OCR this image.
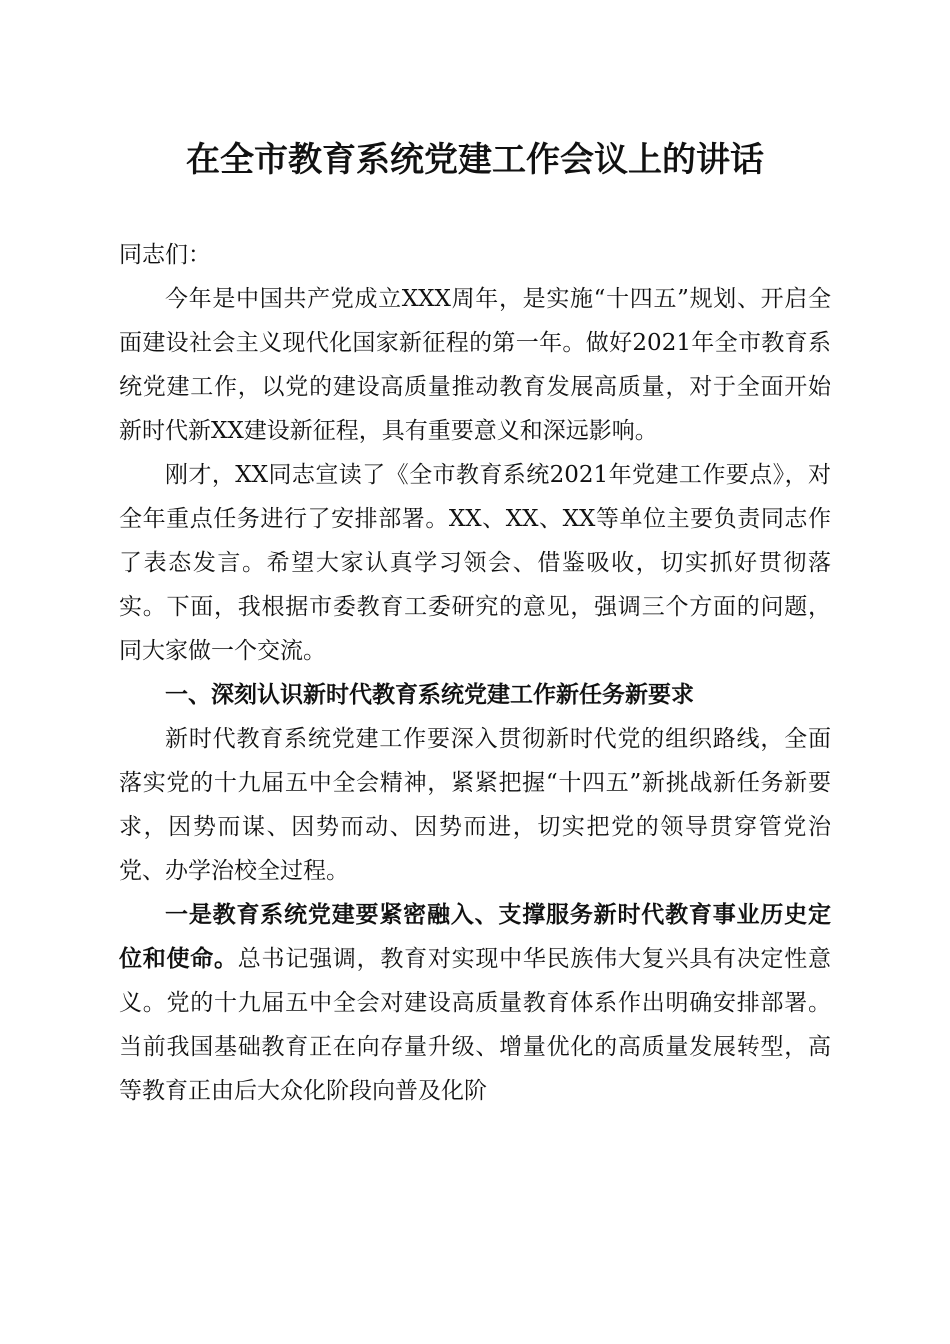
在全市教育系统党建工作会议上的讲话

同志们：

今年是中国共产党成立XXX周年，是实施“十四五”规划、开启全面建设社会主义现代化国家新征程的第一年。做好2021年全市教育系统党建工作，以党的建设高质量推动教育发展高质量，对于全面开始新时代新XX建设新征程，具有重要意义和深远影响。

刚才，XX同志宣读了《全市教育系统2021年党建工作要点》，对全年重点任务进行了安排部署。XX、XX、XX等单位主要负责同志作了表态发言。希望大家认真学习领会、借鉴吸收，切实抓好贯彻落实。下面，我根据市委教育工委研究的意见，强调三个方面的问题，同大家做一个交流。

一、深刻认识新时代教育系统党建工作新任务新要求

新时代教育系统党建工作要深入贯彻新时代党的组织路线，全面落实党的十九届五中全会精神，紧紧把握“十四五”新挑战新任务新要求，因势而谋、因势而动、因势而进，切实把党的领导贯穿管党治党、办学治校全过程。

一是教育系统党建要紧密融入、支撑服务新时代教育事业历史定位和使命。总书记强调，教育对实现中华民族伟大复兴具有决定性意义。党的十九届五中全会对建设高质量教育体系作出明确安排部署。当前我国基础教育正在向存量升级、增量优化的高质量发展转型，高等教育正由后大众化阶段向普及化阶
